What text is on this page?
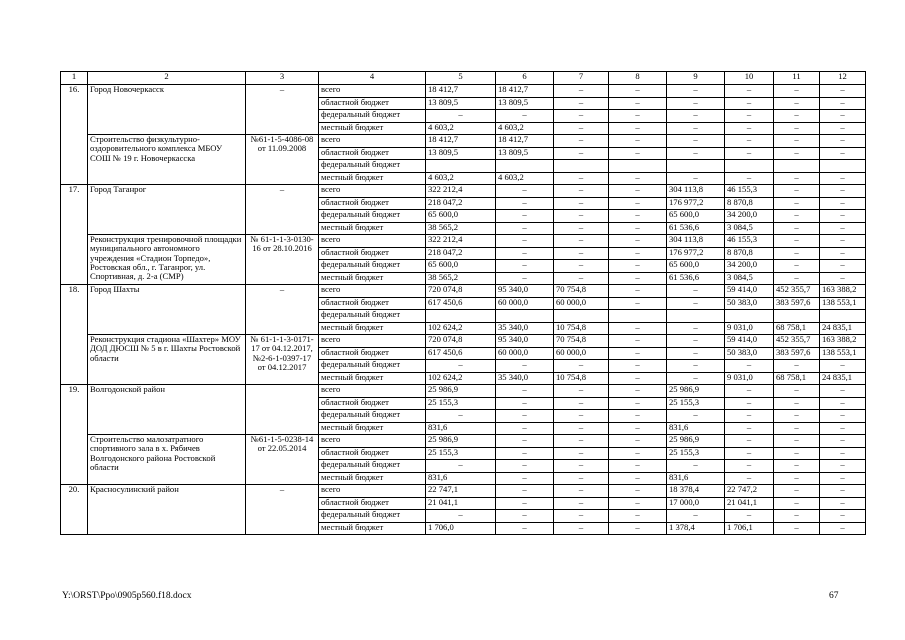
1	2	3	4	5	6	7	8	9	10	11	12
16.	Город Новочеркасск	–	всего	18 412,7	18 412,7	–	–	–	–	–	–
			областной бюджет	13 809,5	13 809,5	–	–	–	–	–	–
			федеральный бюджет	–	–	–	–	–	–	–	–
			местный бюджет	4 603,2	4 603,2	–	–	–	–	–	–
	Строительство физкультурно-оздоровительного комплекса МБОУ СОШ № 19 г. Новочеркасска	№61-1-5-4086-08 от 11.09.2008	всего	18 412,7	18 412,7	–	–	–	–	–	–
			областной бюджет	13 809,5	13 809,5	–	–	–	–	–	–
			федеральный бюджет								
			местный бюджет	4 603,2	4 603,2	–	–	–	–	–	–
17.	Город Таганрог	–	всего	322 212,4	–	–	–	304 113,8	46 155,3	–	–
			областной бюджет	218 047,2	–	–	–	176 977,2	8 870,8	–	–
			федеральный бюджет	65 600,0	–	–	–	65 600,0	34 200,0	–	–
			местный бюджет	38 565,2	–	–	–	61 536,6	3 084,5	–	–
	Реконструкция тренировочной площадки муниципального автономного учреждения «Стадион Торпедо», Ростовская обл., г. Таганрог, ул. Спортивная, д. 2-а (СМР)	№ 61-1-1-3-0130-16 от 28.10.2016	всего	322 212,4	–	–	–	304 113,8	46 155,3	–	–
			областной бюджет	218 047,2	–	–	–	176 977,2	8 870,8	–	–
			федеральный бюджет	65 600,0	–	–	–	65 600,0	34 200,0	–	–
			местный бюджет	38 565,2	–	–	–	61 536,6	3 084,5	–	–
18.	Город Шахты	–	всего	720 074,8	95 340,0	70 754,8	–	–	59 414,0	452 355,7	163 388,2
			областной бюджет	617 450,6	60 000,0	60 000,0	–	–	50 383,0	383 597,6	138 553,1
			федеральный бюджет								
			местный бюджет	102 624,2	35 340,0	10 754,8	–	–	9 031,0	68 758,1	24 835,1
	Реконструкция стадиона «Шахтер» МОУ ДОД ДЮСШ № 5 в г. Шахты Ростовской области	№ 61-1-1-3-0171-17 от 04.12.2017, №2-6-1-0397-17 от 04.12.2017	всего	720 074,8	95 340,0	70 754,8	–	–	59 414,0	452 355,7	163 388,2
			областной бюджет	617 450,6	60 000,0	60 000,0	–	–	50 383,0	383 597,6	138 553,1
			федеральный бюджет	–	–	–	–	–	–	–	–
			местный бюджет	102 624,2	35 340,0	10 754,8	–	–	9 031,0	68 758,1	24 835,1
19.	Волгодонской район		всего	25 986,9	–	–	–	25 986,9	–	–	–
			областной бюджет	25 155,3	–	–	–	25 155,3	–	–	–
			федеральный бюджет	–	–	–	–	–	–	–	–
			местный бюджет	831,6	–	–	–	831,6	–	–	–
	Строительство малозатратного спортивного зала в х. Рябичев Волгодонского района Ростовской области	№61-1-5-0238-14 от 22.05.2014	всего	25 986,9	–	–	–	25 986,9	–	–	–
			областной бюджет	25 155,3	–	–	–	25 155,3	–	–	–
			федеральный бюджет	–	–	–	–	–	–	–	–
			местный бюджет	831,6	–	–	–	831,6	–	–	–
20.	Красносулинский район	–	всего	22 747,1	–	–	–	18 378,4	22 747,2	–	–
			областной бюджет	21 041,1	–	–	–	17 000,0	21 041,1	–	–
			федеральный бюджет	–	–	–	–	–	–	–	–
			местный бюджет	1 706,0	–	–	–	1 378,4	1 706,1	–	–
Y:\ORST\Ppo\0905p560.f18.docx	67
